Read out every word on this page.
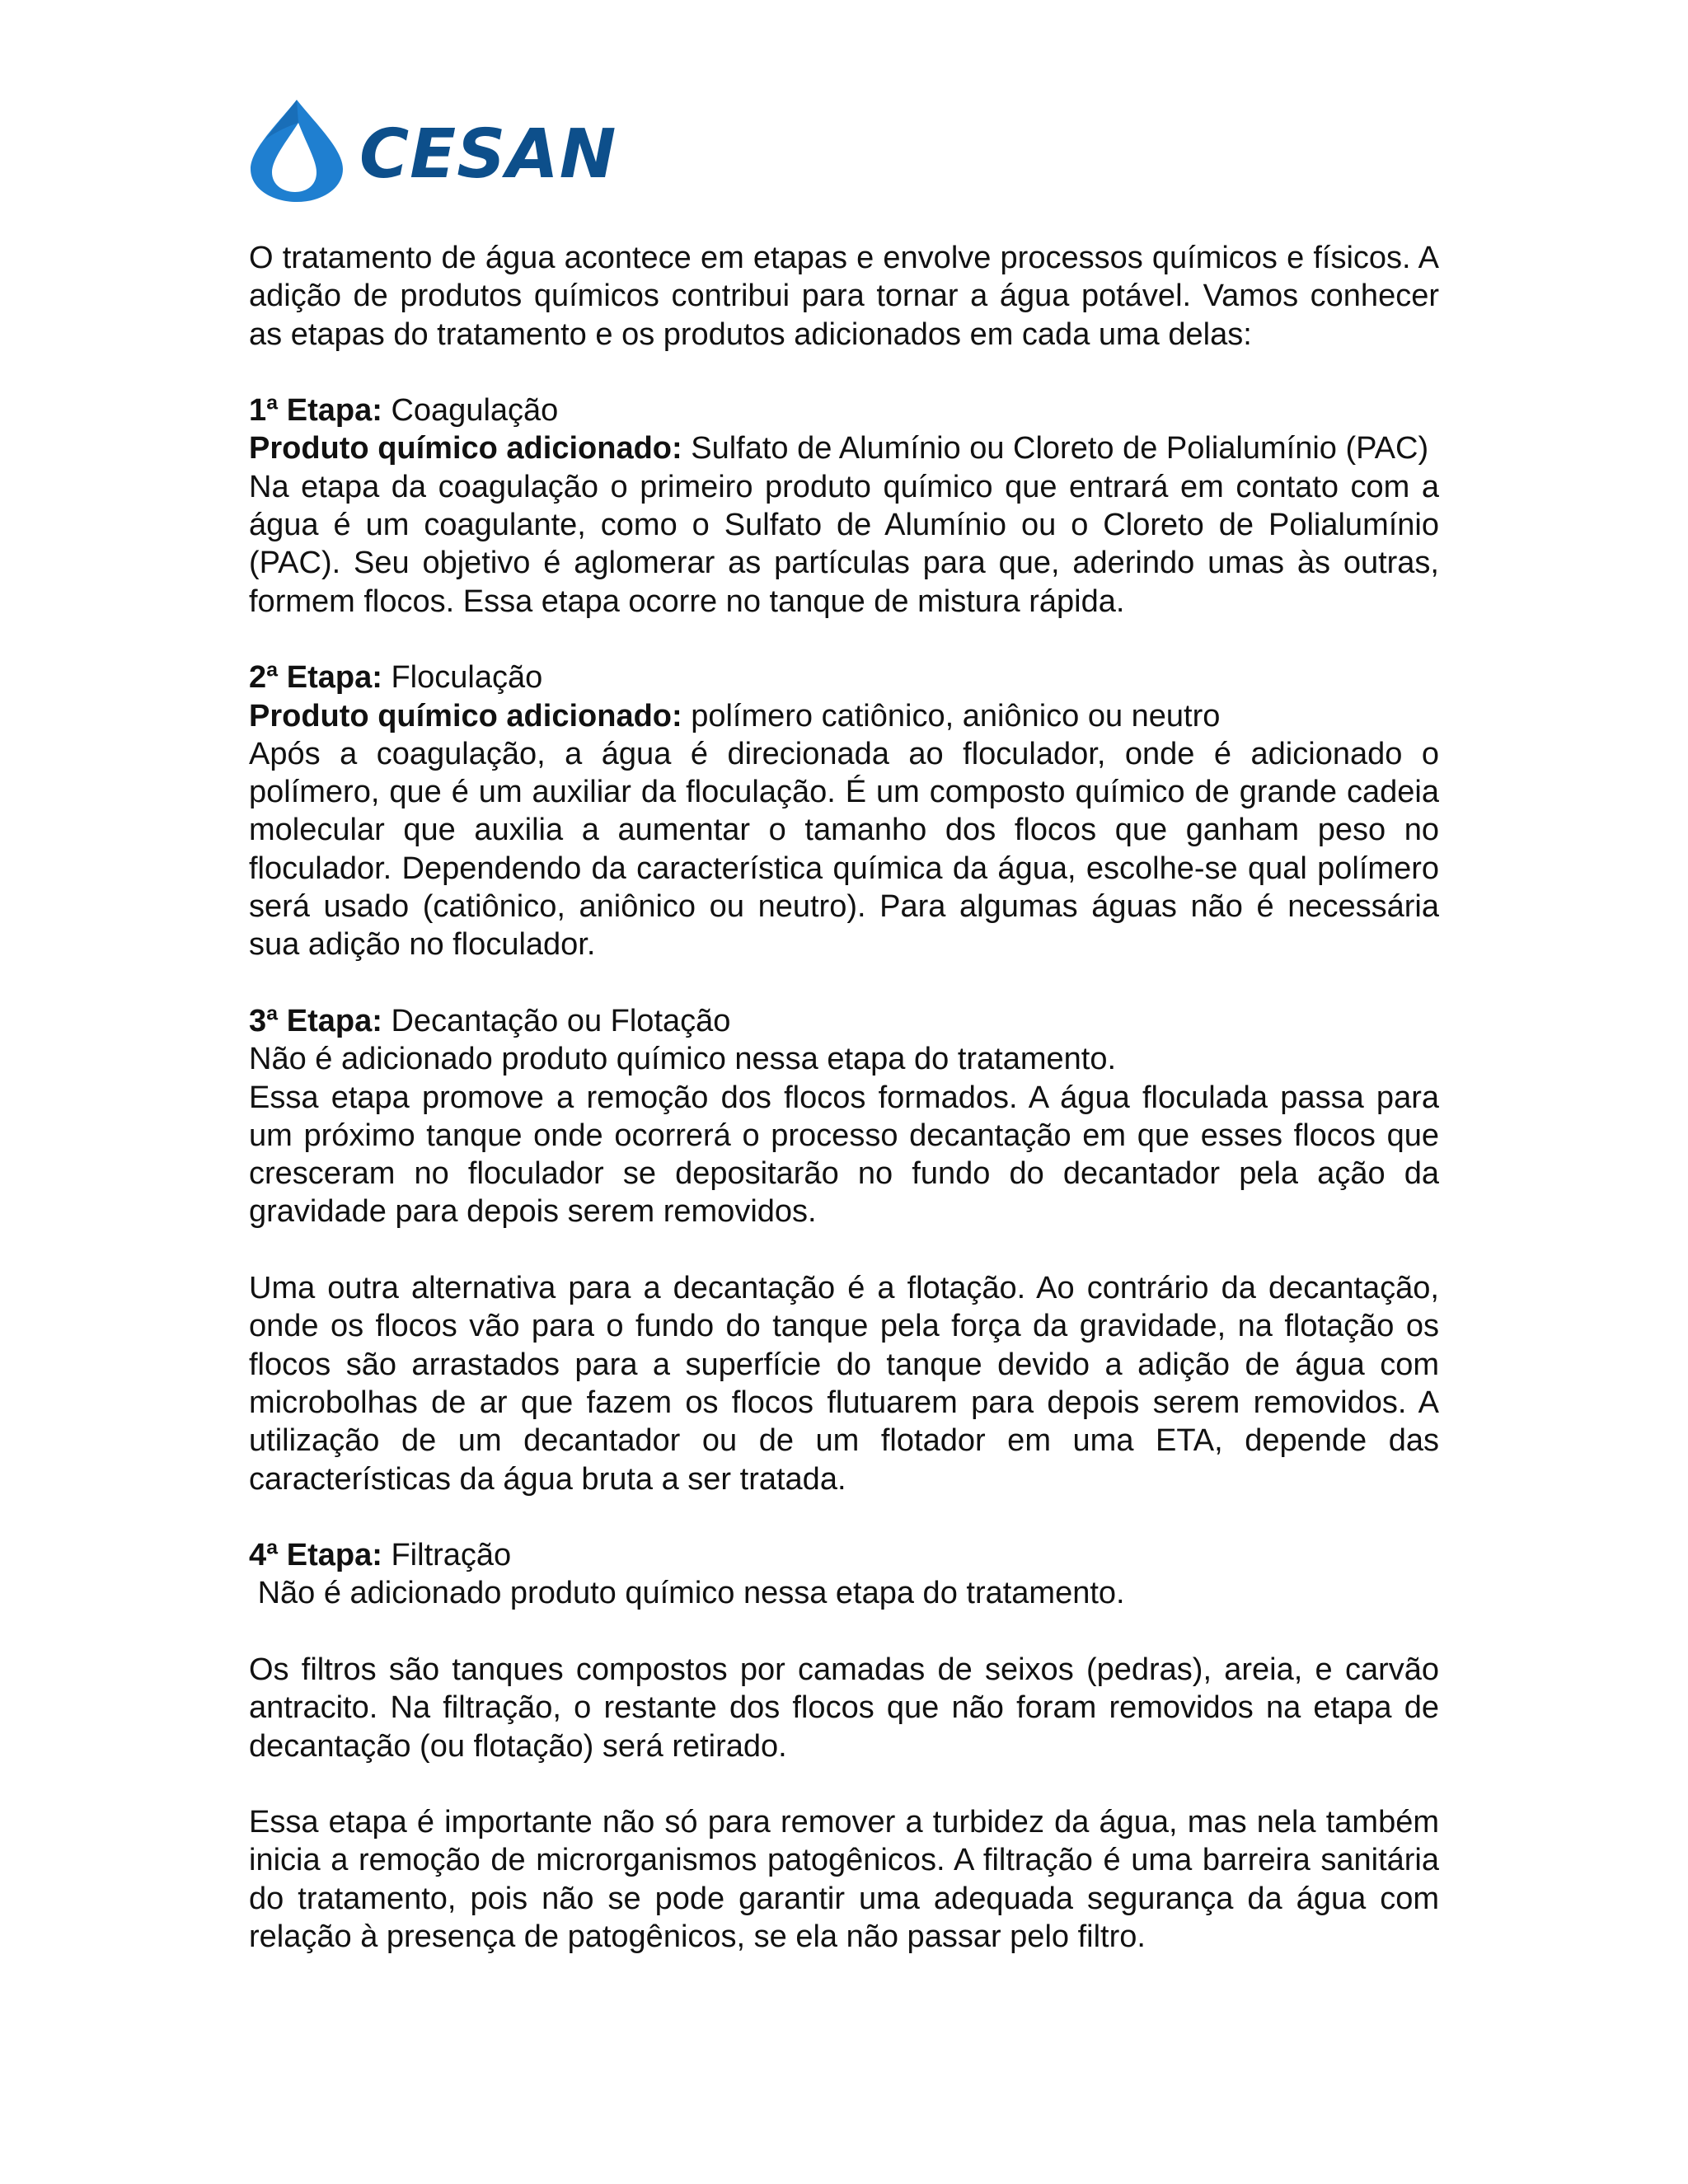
CESAN

O tratamento de água acontece em etapas e envolve processos químicos e físicos. A adição de produtos químicos contribui para tornar a água potável. Vamos conhecer as etapas do tratamento e os produtos adicionados em cada uma delas:

1ª Etapa: Coagulação

Produto químico adicionado: Sulfato de Alumínio ou Cloreto de Polialumínio (PAC)

Na etapa da coagulação o primeiro produto químico que entrará em contato com a água é um coagulante, como o Sulfato de Alumínio ou o Cloreto de Polialumínio (PAC). Seu objetivo é aglomerar as partículas para que, aderindo umas às outras, formem flocos. Essa etapa ocorre no tanque de mistura rápida.

2ª Etapa: Floculação

Produto químico adicionado: polímero catiônico, aniônico ou neutro

Após a coagulação, a água é direcionada ao floculador, onde é adicionado o polímero, que é um auxiliar da floculação. É um composto químico de grande cadeia molecular que auxilia a aumentar o tamanho dos flocos que ganham peso no floculador. Dependendo da característica química da água, escolhe-se qual polímero será usado (catiônico, aniônico ou neutro). Para algumas águas não é necessária sua adição no floculador.

3ª Etapa: Decantação ou Flotação

Não é adicionado produto químico nessa etapa do tratamento.

Essa etapa promove a remoção dos flocos formados. A água floculada passa para um próximo tanque onde ocorrerá o processo decantação em que esses flocos que cresceram no floculador se depositarão no fundo do decantador pela ação da gravidade para depois serem removidos.

Uma outra alternativa para a decantação é a flotação. Ao contrário da decantação, onde os flocos vão para o fundo do tanque pela força da gravidade, na flotação os flocos são arrastados para a superfície do tanque devido a adição de água com microbolhas de ar que fazem os flocos flutuarem para depois serem removidos. A utilização de um decantador ou de um flotador em uma ETA, depende das características da água bruta a ser tratada.

4ª Etapa: Filtração

Não é adicionado produto químico nessa etapa do tratamento.

Os filtros são tanques compostos por camadas de seixos (pedras), areia, e carvão antracito. Na filtração, o restante dos flocos que não foram removidos na etapa de decantação (ou flotação) será retirado.

Essa etapa é importante não só para remover a turbidez da água, mas nela também inicia a remoção de microrganismos patogênicos. A filtração é uma barreira sanitária do tratamento, pois não se pode garantir uma adequada segurança da água com relação à presença de patogênicos, se ela não passar pelo filtro.
